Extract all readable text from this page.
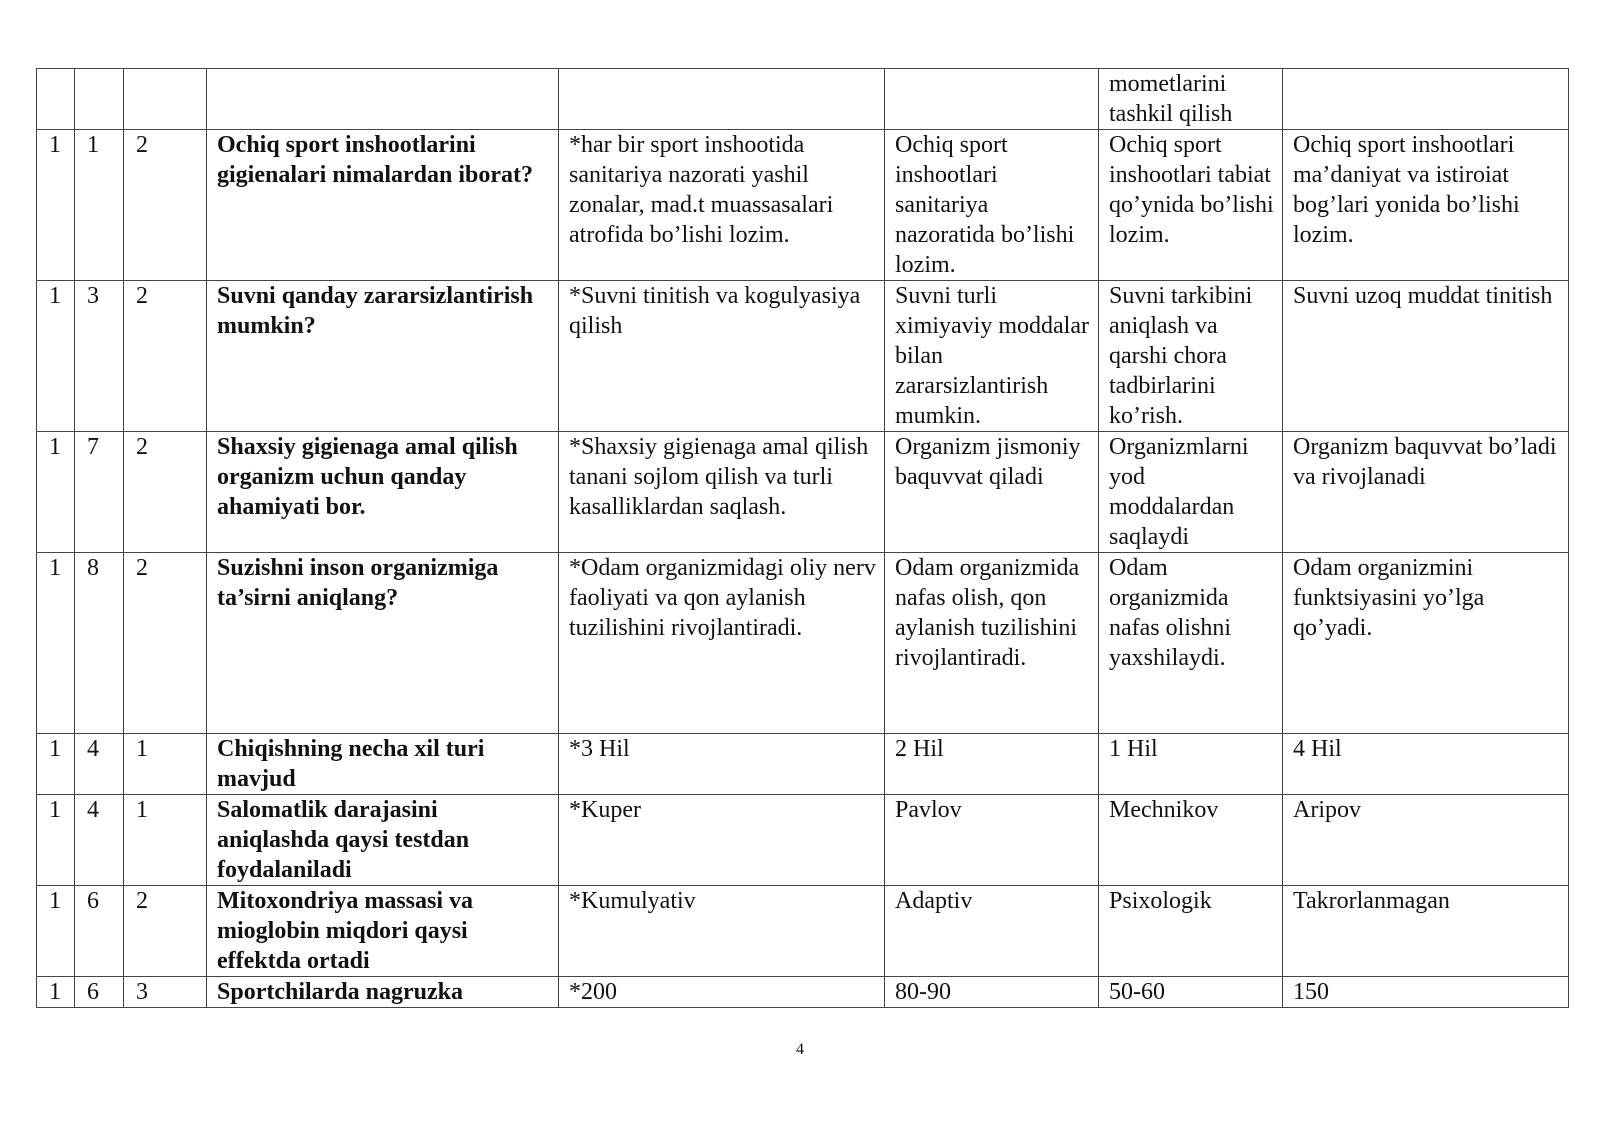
						mometlarini tashkil qilish	
1	1	2	Ochiq sport inshootlarini gigienalari nimalardan iborat?	*har bir sport inshootida sanitariya nazorati yashil zonalar, mad.t muassasalari atrofida bo’lishi lozim.	Ochiq sport inshootlari sanitariya nazoratida bo’lishi lozim.	Ochiq sport inshootlari tabiat qo’ynida bo’lishi lozim.	Ochiq sport inshootlari ma’daniyat va istiroiat bog’lari yonida bo’lishi lozim.
1	3	2	Suvni qanday zararsizlantirish mumkin?	*Suvni tinitish va kogulyasiya qilish	Suvni turli ximiyaviy moddalar bilan zararsizlantirish mumkin.	Suvni tarkibini aniqlash va qarshi chora tadbirlarini ko’rish.	Suvni uzoq muddat tinitish
1	7	2	Shaxsiy gigienaga amal qilish organizm uchun qanday ahamiyati bor.	*Shaxsiy gigienaga amal qilish tanani sojlom qilish va turli kasalliklardan saqlash.	Organizm jismoniy baquvvat qiladi	Organizmlarni yod moddalardan saqlaydi	Organizm baquvvat bo’ladi va rivojlanadi
1	8	2	Suzishni inson organizmiga ta’sirni aniqlang?	*Odam organizmidagi oliy nerv faoliyati va qon aylanish tuzilishini rivojlantiradi.	Odam organizmida nafas olish, qon aylanish tuzilishini rivojlantiradi.	Odam organizmida nafas olishni yaxshilaydi.	Odam organizmini funktsiyasini yo’lga qo’yadi.
1	4	1	Chiqishning necha xil turi mavjud	*3 Hil	2 Hil	1 Hil	4 Hil
1	4	1	Salomatlik darajasini aniqlashda qaysi testdan foydalaniladi	*Kuper	Pavlov	Mechnikov	Aripov
1	6	2	Mitoxondriya massasi va mioglobin miqdori qaysi effektda ortadi	*Kumulyativ	Adaptiv	Psixologik	Takrorlanmagan
1	6	3	Sportchilarda nagruzka	*200	80-90	50-60	150
4
